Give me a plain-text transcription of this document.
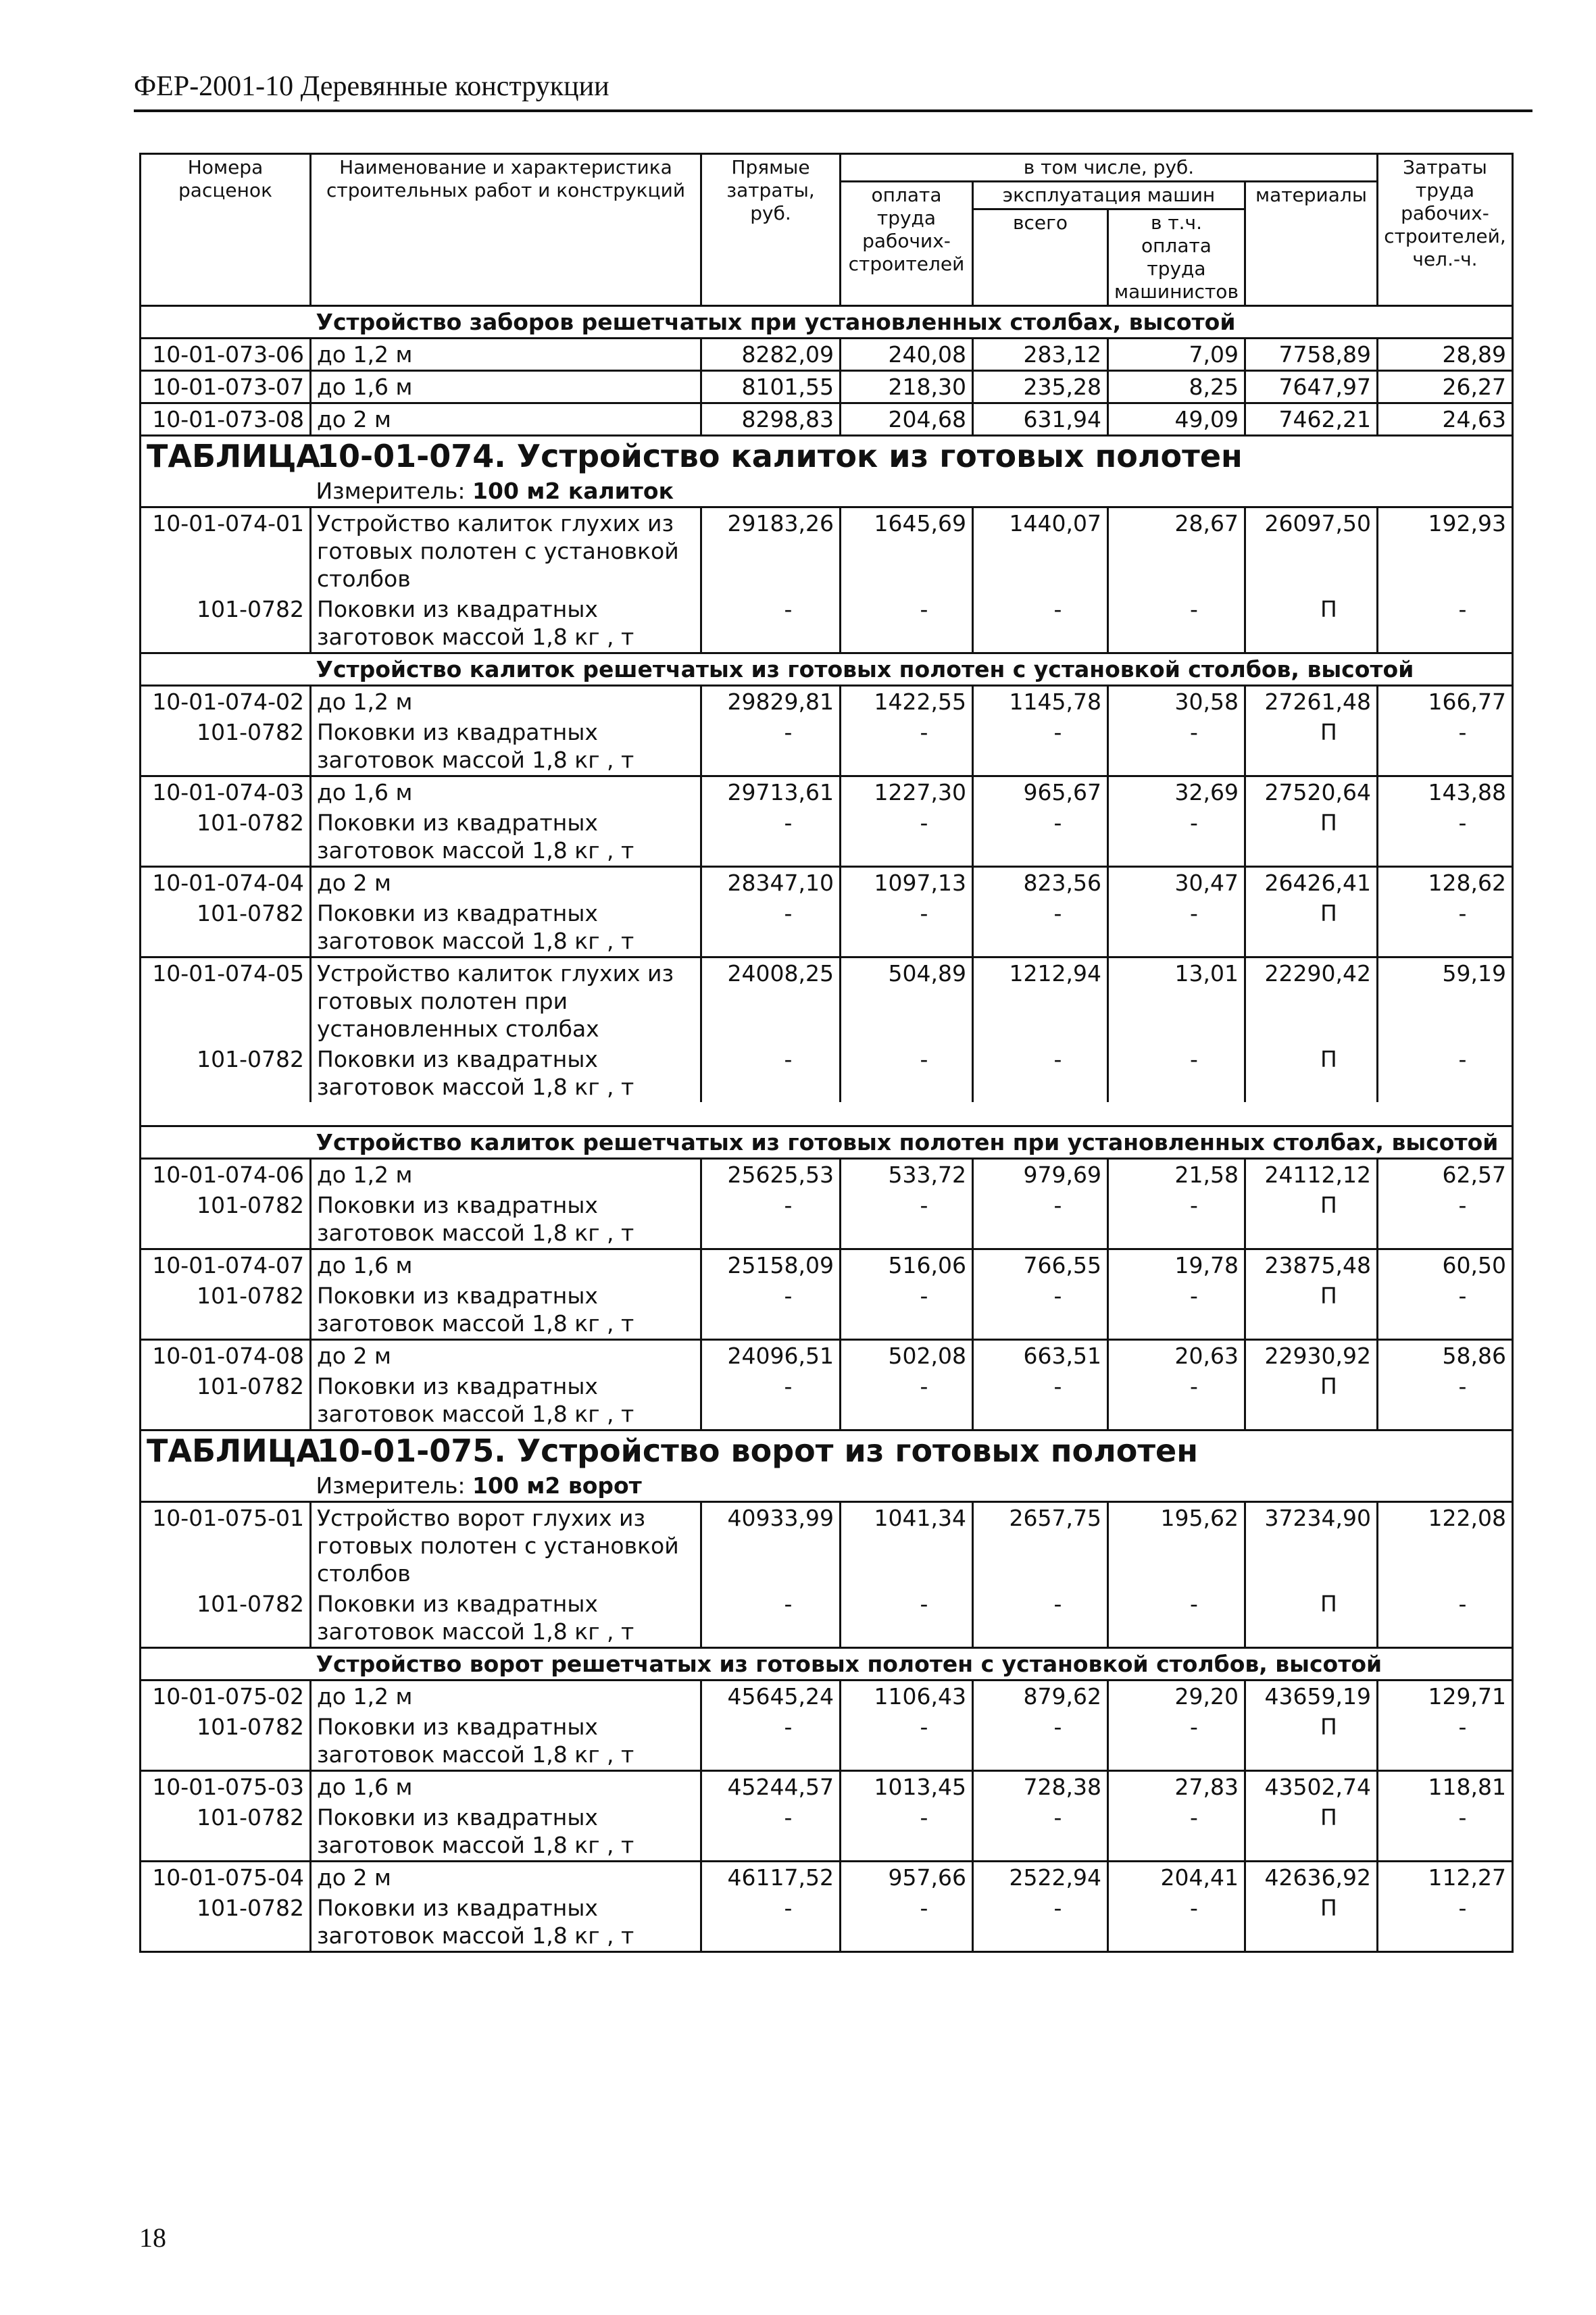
ФЕР-2001-10 Деревянные конструкции
Номера расценок	Наименование и характеристика строительных работ и конструкций	Прямые затраты, руб.	в том числе, руб.				Затраты труда рабочих-строителей, чел.-ч.
			оплата труда рабочих-строителей	эксплуатация машин		материалы	
				всего	в т.ч. оплата труда машинистов		
	Устройство заборов решетчатых при установленных столбах, высотой						
10-01-073-06	до 1,2 м	8282,09	240,08	283,12	7,09	7758,89	28,89
10-01-073-07	до 1,6 м	8101,55	218,30	235,28	8,25	7647,97	26,27
10-01-073-08	до 2 м	8298,83	204,68	631,94	49,09	7462,21	24,63
ТАБЛИЦА10-01-074. Устройство калиток из готовых полотен							
	Измеритель: 100 м2 калиток						
10-01-074-01	Устройство калиток глухих из готовых полотен с установкой столбов	29183,26	1645,69	1440,07	28,67	26097,50	192,93
101-0782	Поковки из квадратных заготовок массой 1,8 кг , т	-	-	-	-	П	-
	Устройство калиток решетчатых из готовых полотен с установкой столбов, высотой						
10-01-074-02	до 1,2 м	29829,81	1422,55	1145,78	30,58	27261,48	166,77
101-0782	Поковки из квадратных заготовок массой 1,8 кг , т	-	-	-	-	П	-
10-01-074-03	до 1,6 м	29713,61	1227,30	965,67	32,69	27520,64	143,88
101-0782	Поковки из квадратных заготовок массой 1,8 кг , т	-	-	-	-	П	-
10-01-074-04	до 2 м	28347,10	1097,13	823,56	30,47	26426,41	128,62
101-0782	Поковки из квадратных заготовок массой 1,8 кг , т	-	-	-	-	П	-
10-01-074-05	Устройство калиток глухих из готовых полотен при установленных столбах	24008,25	504,89	1212,94	13,01	22290,42	59,19
101-0782	Поковки из квадратных заготовок массой 1,8 кг , т	-	-	-	-	П	-

	Устройство калиток решетчатых из готовых полотен при установленных столбах, высотой						
10-01-074-06	до 1,2 м	25625,53	533,72	979,69	21,58	24112,12	62,57
101-0782	Поковки из квадратных заготовок массой 1,8 кг , т	-	-	-	-	П	-
10-01-074-07	до 1,6 м	25158,09	516,06	766,55	19,78	23875,48	60,50
101-0782	Поковки из квадратных заготовок массой 1,8 кг , т	-	-	-	-	П	-
10-01-074-08	до 2 м	24096,51	502,08	663,51	20,63	22930,92	58,86
101-0782	Поковки из квадратных заготовок массой 1,8 кг , т	-	-	-	-	П	-
ТАБЛИЦА10-01-075. Устройство ворот из готовых полотен							
	Измеритель: 100 м2 ворот						
10-01-075-01	Устройство ворот глухих из готовых полотен с установкой столбов	40933,99	1041,34	2657,75	195,62	37234,90	122,08
101-0782	Поковки из квадратных заготовок массой 1,8 кг , т	-	-	-	-	П	-
	Устройство ворот решетчатых из готовых полотен с установкой столбов, высотой						
10-01-075-02	до 1,2 м	45645,24	1106,43	879,62	29,20	43659,19	129,71
101-0782	Поковки из квадратных заготовок массой 1,8 кг , т	-	-	-	-	П	-
10-01-075-03	до 1,6 м	45244,57	1013,45	728,38	27,83	43502,74	118,81
101-0782	Поковки из квадратных заготовок массой 1,8 кг , т	-	-	-	-	П	-
10-01-075-04	до 2 м	46117,52	957,66	2522,94	204,41	42636,92	112,27
101-0782	Поковки из квадратных заготовок массой 1,8 кг , т	-	-	-	-	П	-
18
